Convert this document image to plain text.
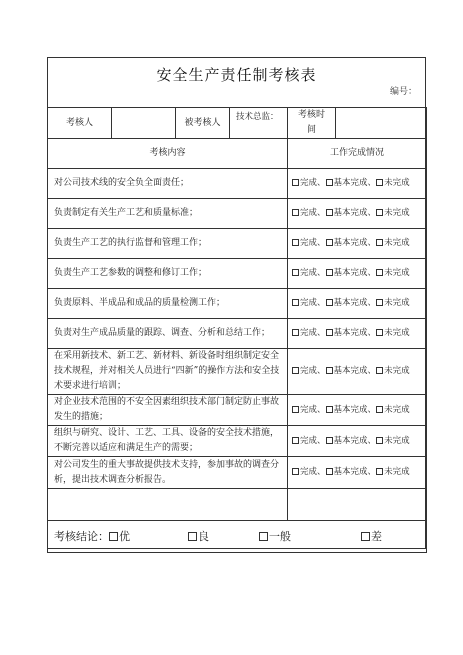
安全生产责任制考核表
编号：
考核人		被考核人	技术总监：	考核时间	
考核内容				工作完成情况	
对公司技术线的安全负全面责任；				完成、 基本完成、 未完成	
负责制定有关生产工艺和质量标准；				完成、 基本完成、 未完成	
负责生产工艺的执行监督和管理工作；				完成、 基本完成、 未完成	
负责生产工艺参数的调整和修订工作；				完成、 基本完成、 未完成	
负责原料、半成品和成品的质量检测工作；				完成、 基本完成、 未完成	
负责对生产成品质量的跟踪、调查、分析和总结工作；				完成、 基本完成、 未完成	
在采用新技术、新工艺、新材料、新设备时组织制定安全技术规程，并对相关人员进行“四新”的操作方法和安全技术要求进行培训；				完成、 基本完成、 未完成	
对企业技术范围的不安全因素组织技术部门制定防止事故发生的措施；				完成、 基本完成、 未完成	
组织与研究、设计、工艺、工具、设备的安全技术措施，不断完善以适应和满足生产的需要；				完成、 基本完成、 未完成	
对公司发生的重大事故提供技术支持，参加事故的调查分析，提出技术调查分析报告。				完成、 基本完成、 未完成	

考核结论： 优 良 一般 差					
